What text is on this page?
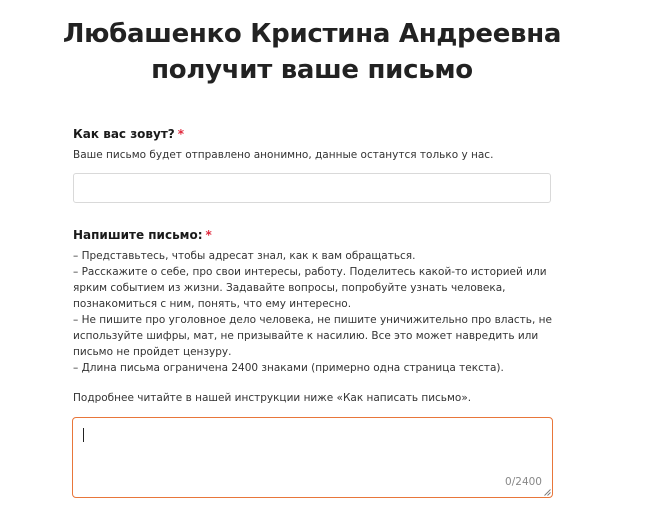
Любашенко Кристина Андреевна
получит ваше письмо
Как вас зовут? *
Ваше письмо будет отправлено анонимно, данные останутся только у нас.
Напишите письмо: *
– Представьтесь, чтобы адресат знал, как к вам обращаться.
– Расскажите о себе, про свои интересы, работу. Поделитесь какой-то историей или ярким событием из жизни. Задавайте вопросы, попробуйте узнать человека, познакомиться с ним, понять, что ему интересно.
– Не пишите про уголовное дело человека, не пишите уничижительно про власть, не используйте шифры, мат, не призывайте к насилию. Все это может навредить или письмо не пройдет цензуру.
– Длина письма ограничена 2400 знаками (примерно одна страница текста).
Подробнее читайте в нашей инструкции ниже «Как написать письмо».
0/2400
